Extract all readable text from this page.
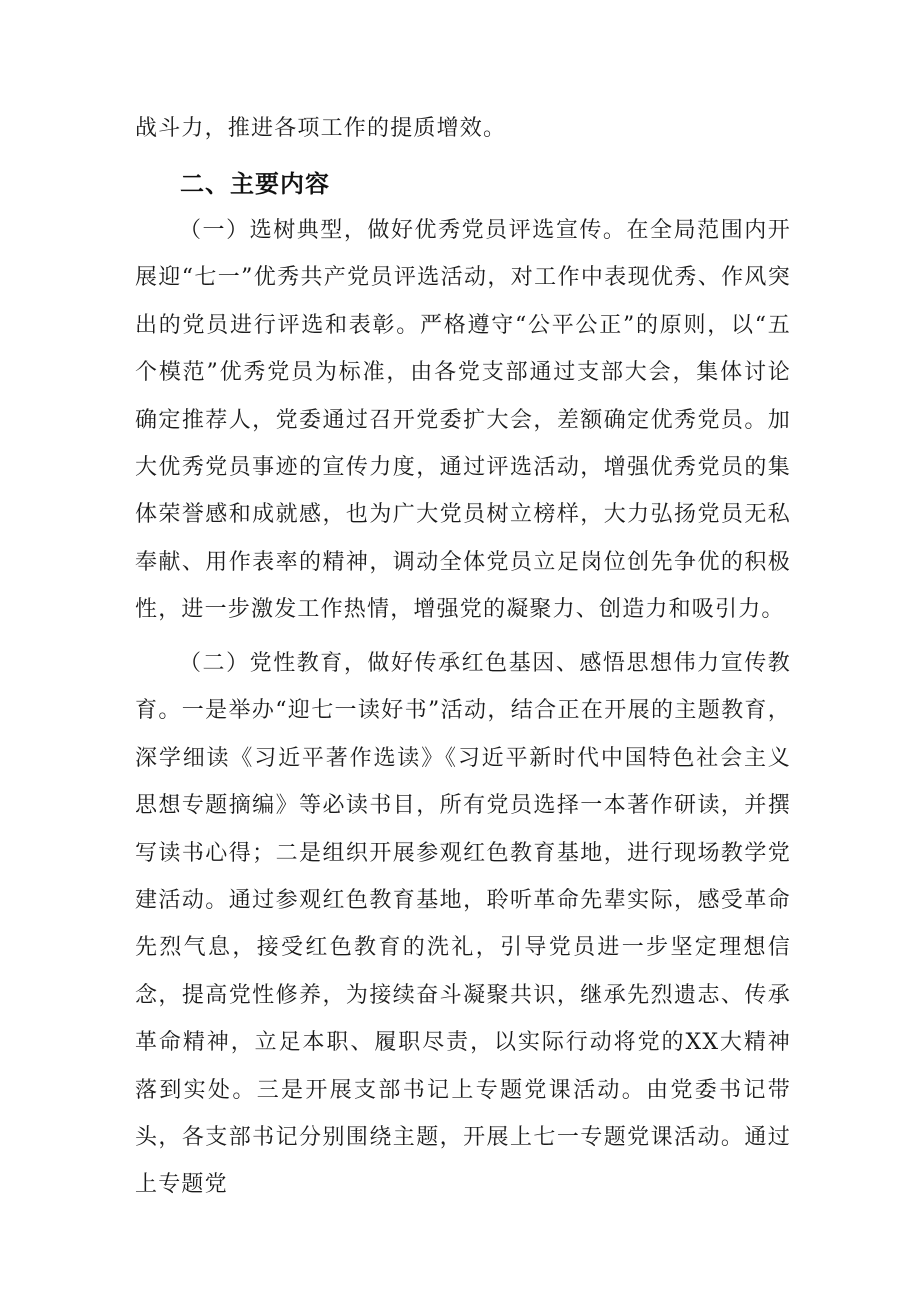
战斗力，推进各项工作的提质增效。

二、主要内容

（一）选树典型，做好优秀党员评选宣传。在全局范围内开展迎“七一”优秀共产党员评选活动，对工作中表现优秀、作风突出的党员进行评选和表彰。严格遵守“公平公正”的原则，以“五个模范”优秀党员为标准，由各党支部通过支部大会，集体讨论确定推荐人，党委通过召开党委扩大会，差额确定优秀党员。加大优秀党员事迹的宣传力度，通过评选活动，增强优秀党员的集体荣誉感和成就感，也为广大党员树立榜样，大力弘扬党员无私奉献、用作表率的精神，调动全体党员立足岗位创先争优的积极性，进一步激发工作热情，增强党的凝聚力、创造力和吸引力。

（二）党性教育，做好传承红色基因、感悟思想伟力宣传教育。一是举办“迎七一读好书”活动，结合正在开展的主题教育，深学细读《习近平著作选读》《习近平新时代中国特色社会主义思想专题摘编》等必读书目，所有党员选择一本著作研读，并撰写读书心得；二是组织开展参观红色教育基地，进行现场教学党建活动。通过参观红色教育基地，聆听革命先辈实际，感受革命先烈气息，接受红色教育的洗礼，引导党员进一步坚定理想信念，提高党性修养，为接续奋斗凝聚共识，继承先烈遗志、传承革命精神，立足本职、履职尽责，以实际行动将党的XX大精神落到实处。三是开展支部书记上专题党课活动。由党委书记带头，各支部书记分别围绕主题，开展上七一专题党课活动。通过上专题党
